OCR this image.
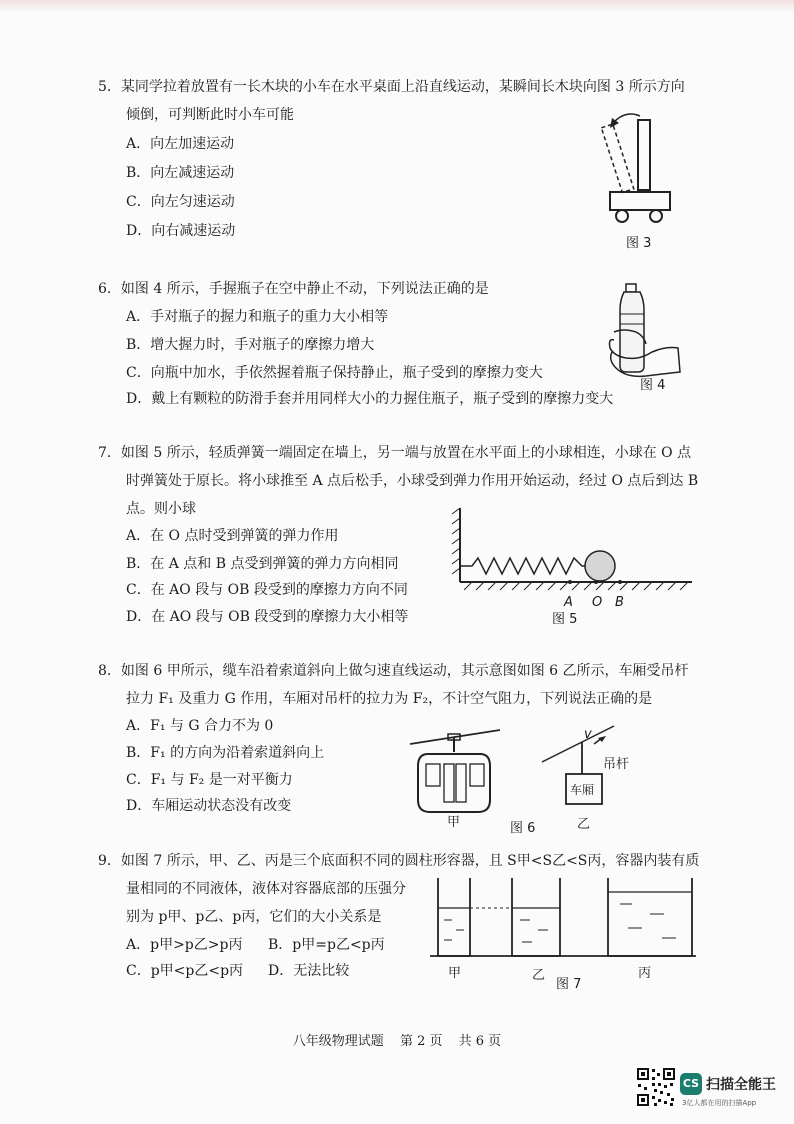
5．某同学拉着放置有一长木块的小车在水平桌面上沿直线运动，某瞬间长木块向图 3 所示方向
倾倒，可判断此时小车可能
A．向左加速运动
B．向左减速运动
C．向左匀速运动
D．向右减速运动
图 3
6．如图 4 所示，手握瓶子在空中静止不动，下列说法正确的是
A．手对瓶子的握力和瓶子的重力大小相等
B．增大握力时，手对瓶子的摩擦力增大
C．向瓶中加水，手依然握着瓶子保持静止，瓶子受到的摩擦力变大
D．戴上有颗粒的防滑手套并用同样大小的力握住瓶子，瓶子受到的摩擦力变大
图 4
7．如图 5 所示，轻质弹簧一端固定在墙上，另一端与放置在水平面上的小球相连，小球在 O 点
时弹簧处于原长。将小球推至 A 点后松手，小球受到弹力作用开始运动，经过 O 点后到达 B
点。则小球
A．在 O 点时受到弹簧的弹力作用
B．在 A 点和 B 点受到弹簧的弹力方向相同
C．在 AO 段与 OB 段受到的摩擦力方向不同
D．在 AO 段与 OB 段受到的摩擦力大小相等
A O B
图 5
8．如图 6 甲所示，缆车沿着索道斜向上做匀速直线运动，其示意图如图 6 乙所示，车厢受吊杆
拉力 F₁ 及重力 G 作用，车厢对吊杆的拉力为 F₂，不计空气阻力，下列说法正确的是
A．F₁ 与 G 合力不为 0
B．F₁ 的方向为沿着索道斜向上
C．F₁ 与 F₂ 是一对平衡力
D．车厢运动状态没有改变
v
吊杆
车厢
甲	图 6	乙
9．如图 7 所示，甲、乙、丙是三个底面积不同的圆柱形容器，且 S甲<S乙<S丙，容器内装有质
量相同的不同液体，液体对容器底部的压强分
别为 p甲、p乙、p丙，它们的大小关系是
A．p甲>p乙>p丙 B．p甲=p乙<p丙
C．p甲<p乙<p丙 D．无法比较	甲	乙
图 7
丙
八年级物理试题 第 2 页 共 6 页
CS 扫描全能王
3亿人都在用的扫描App
